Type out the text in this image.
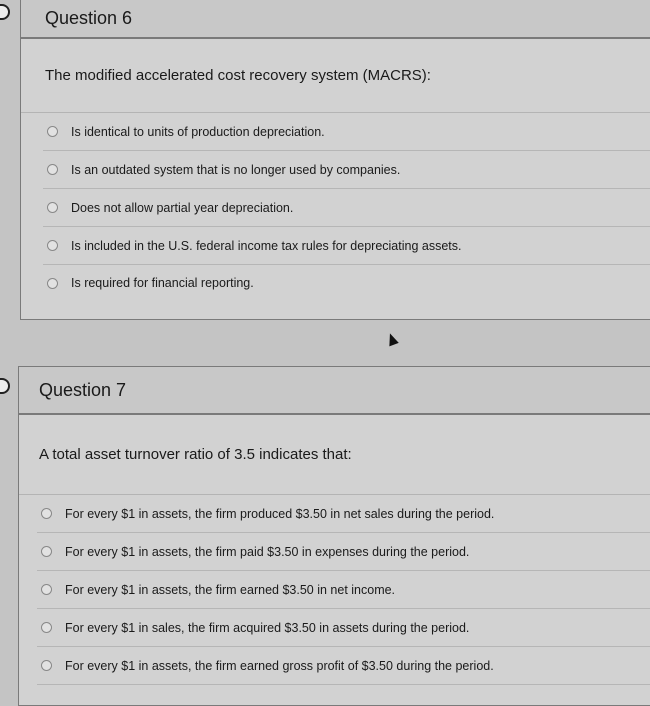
Question 6
The modified accelerated cost recovery system (MACRS):
Is identical to units of production depreciation.
Is an outdated system that is no longer used by companies.
Does not allow partial year depreciation.
Is included in the U.S. federal income tax rules for depreciating assets.
Is required for financial reporting.
Question 7
A total asset turnover ratio of 3.5 indicates that:
For every $1 in assets, the firm produced $3.50 in net sales during the period.
For every $1 in assets, the firm paid $3.50 in expenses during the period.
For every $1 in assets, the firm earned $3.50 in net income.
For every $1 in sales, the firm acquired $3.50 in assets during the period.
For every $1 in assets, the firm earned gross profit of $3.50 during the period.
